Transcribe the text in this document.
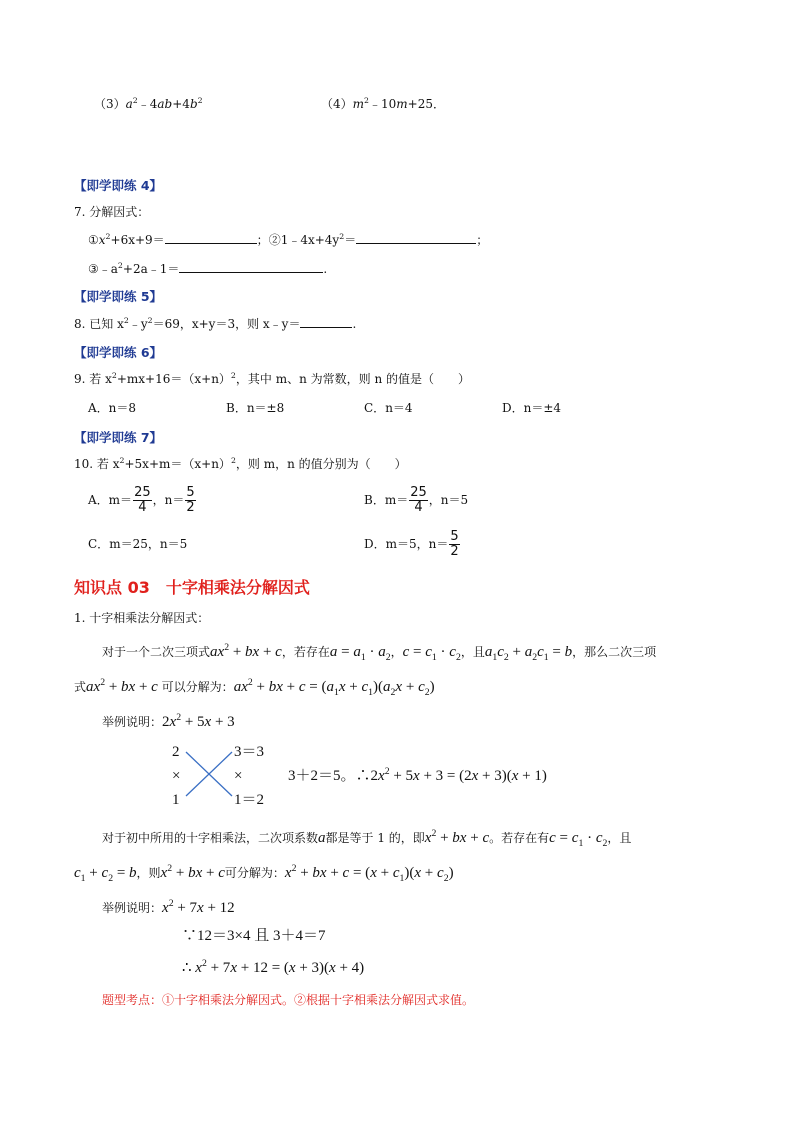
$(3)a^2﹣4ab+4b^2$	$(4)m^2﹣10m+25$．
【即学即练 4】
7. 分解因式：
$①x^2+6x+9=$	；$②1﹣4x+4y^2=$	；
$③﹣a^2+2a﹣1=$	.
【即学即练 5】
8. 已知 $x^2﹣y^2=69$，x+y＝3，则 x﹣y＝	.
【即学即练 6】
9. 若 $x^2+mx+16=(x+n)^2$，其中 m、n 为常数，则 n 的值是（　　）
A．n＝8	B．n＝±8	C．n＝4	D．n＝±4
【即学即练 7】
10. 若 $x^2+5x+m=(x+n)^2$，则 m，n 的值分别为（　　）
A．$m= \frac{25}{4}$ ，$n= \frac{5}{2}$	B．$m= \frac{25}{4}$ ，n＝5
C．m＝25，n＝5	D．m＝5，$n= \frac{5}{2}$
知识点 03　十字相乘法分解因式
1. 十字相乘法分解因式：
对于一个二次三项式$ax^2$ + bx + c，若存在$a = a_1 \cdot a_2$，$c = c_1 \cdot c_2$，且$a_1c_2 + a_2c_1 = b$，那么二次三项
式$ax^2$ + bx + c 可以分解为：$ax^2$ + bx + $c = (a_1x + c_1)(a_2x + c_2)$
举例说明：$2x^2 + 5x + 3$
2	3＝3
×	×
1	1＝2
3＋2＝5。$\therefore 2x^2 + 5x + 3 = (2x + 3)(x + 1)$
对于初中所用的十字相乘法，二次项系数a都是等于 1 的，即$x^2$ + bx + c。若存在有$c = c_1 \cdot c_2$，且
$c_1 + c_2 = b$，则$x^2$ + bx + c可分解为：$x^2$ + bx + $c = (x + c_1)(x + c_2)$
举例说明：$x^2 + 7x + 12$
∵12＝3×4 且 3＋4＝7
∴ $x^2 + 7x + 12 = (x + 3)(x + 4)$
题型考点：①十字相乘法分解因式。②根据十字相乘法分解因式求值。
